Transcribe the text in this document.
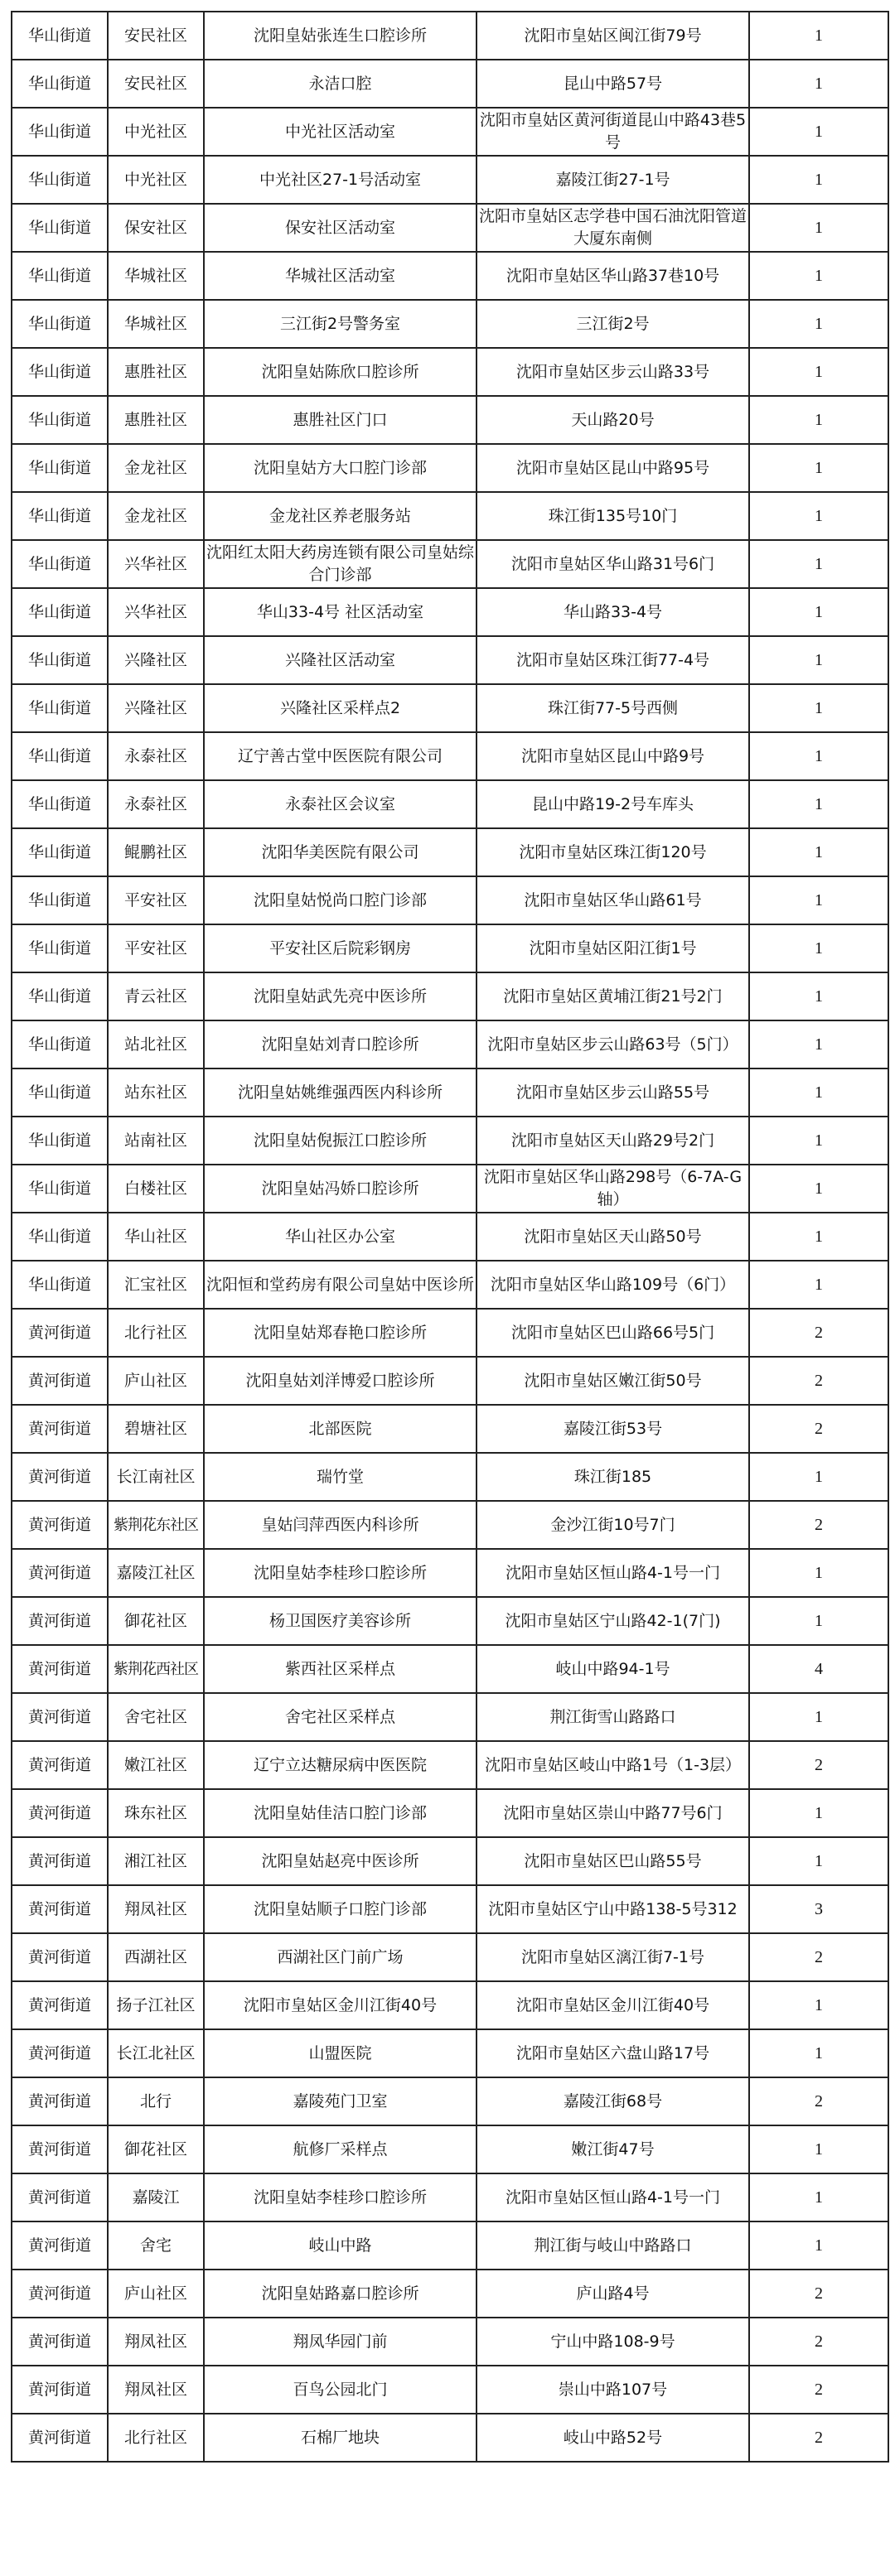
华山街道	安民社区	沈阳皇姑张连生口腔诊所	沈阳市皇姑区闽江街79号	1
华山街道	安民社区	永洁口腔	昆山中路57号	1
华山街道	中光社区	中光社区活动室	沈阳市皇姑区黄河街道昆山中路43巷5号	1
华山街道	中光社区	中光社区27-1号活动室	嘉陵江街27-1号	1
华山街道	保安社区	保安社区活动室	沈阳市皇姑区志学巷中国石油沈阳管道大厦东南侧	1
华山街道	华城社区	华城社区活动室	沈阳市皇姑区华山路37巷10号	1
华山街道	华城社区	三江街2号警务室	三江街2号	1
华山街道	惠胜社区	沈阳皇姑陈欣口腔诊所	沈阳市皇姑区步云山路33号	1
华山街道	惠胜社区	惠胜社区门口	天山路20号	1
华山街道	金龙社区	沈阳皇姑方大口腔门诊部	沈阳市皇姑区昆山中路95号	1
华山街道	金龙社区	金龙社区养老服务站	珠江街135号10门	1
华山街道	兴华社区	沈阳红太阳大药房连锁有限公司皇姑综合门诊部	沈阳市皇姑区华山路31号6门	1
华山街道	兴华社区	华山33-4号 社区活动室	华山路33-4号	1
华山街道	兴隆社区	兴隆社区活动室	沈阳市皇姑区珠江街77-4号	1
华山街道	兴隆社区	兴隆社区采样点2	珠江街77-5号西侧	1
华山街道	永泰社区	辽宁善古堂中医医院有限公司	沈阳市皇姑区昆山中路9号	1
华山街道	永泰社区	永泰社区会议室	昆山中路19-2号车库头	1
华山街道	鲲鹏社区	沈阳华美医院有限公司	沈阳市皇姑区珠江街120号	1
华山街道	平安社区	沈阳皇姑悦尚口腔门诊部	沈阳市皇姑区华山路61号	1
华山街道	平安社区	平安社区后院彩钢房	沈阳市皇姑区阳江街1号	1
华山街道	青云社区	沈阳皇姑武先亮中医诊所	沈阳市皇姑区黄埔江街21号2门	1
华山街道	站北社区	沈阳皇姑刘青口腔诊所	沈阳市皇姑区步云山路63号（5门）	1
华山街道	站东社区	沈阳皇姑姚维强西医内科诊所	沈阳市皇姑区步云山路55号	1
华山街道	站南社区	沈阳皇姑倪振江口腔诊所	沈阳市皇姑区天山路29号2门	1
华山街道	白楼社区	沈阳皇姑冯娇口腔诊所	沈阳市皇姑区华山路298号（6-7A-G轴）	1
华山街道	华山社区	华山社区办公室	沈阳市皇姑区天山路50号	1
华山街道	汇宝社区	沈阳恒和堂药房有限公司皇姑中医诊所	沈阳市皇姑区华山路109号（6门）	1
黄河街道	北行社区	沈阳皇姑郑春艳口腔诊所	沈阳市皇姑区巴山路66号5门	2
黄河街道	庐山社区	沈阳皇姑刘洋博爱口腔诊所	沈阳市皇姑区嫩江街50号	2
黄河街道	碧塘社区	北部医院	嘉陵江街53号	2
黄河街道	长江南社区	瑞竹堂	珠江街185	1
黄河街道	紫荆花东社区	皇姑闫萍西医内科诊所	金沙江街10号7门	2
黄河街道	嘉陵江社区	沈阳皇姑李桂珍口腔诊所	沈阳市皇姑区恒山路4-1号一门	1
黄河街道	御花社区	杨卫国医疗美容诊所	沈阳市皇姑区宁山路42-1(7门)	1
黄河街道	紫荆花西社区	紫西社区采样点	岐山中路94-1号	4
黄河街道	舍宅社区	舍宅社区采样点	荆江街雪山路路口	1
黄河街道	嫩江社区	辽宁立达糖尿病中医医院	沈阳市皇姑区岐山中路1号（1-3层）	2
黄河街道	珠东社区	沈阳皇姑佳洁口腔门诊部	沈阳市皇姑区崇山中路77号6门	1
黄河街道	湘江社区	沈阳皇姑赵亮中医诊所	沈阳市皇姑区巴山路55号	1
黄河街道	翔凤社区	沈阳皇姑顺子口腔门诊部	沈阳市皇姑区宁山中路138-5号312	3
黄河街道	西湖社区	西湖社区门前广场	沈阳市皇姑区漓江街7-1号	2
黄河街道	扬子江社区	沈阳市皇姑区金川江街40号	沈阳市皇姑区金川江街40号	1
黄河街道	长江北社区	山盟医院	沈阳市皇姑区六盘山路17号	1
黄河街道	北行	嘉陵苑门卫室	嘉陵江街68号	2
黄河街道	御花社区	航修厂采样点	嫩江街47号	1
黄河街道	嘉陵江	沈阳皇姑李桂珍口腔诊所	沈阳市皇姑区恒山路4-1号一门	1
黄河街道	舍宅	岐山中路	荆江街与岐山中路路口	1
黄河街道	庐山社区	沈阳皇姑路嘉口腔诊所	庐山路4号	2
黄河街道	翔凤社区	翔凤华园门前	宁山中路108-9号	2
黄河街道	翔凤社区	百鸟公园北门	崇山中路107号	2
黄河街道	北行社区	石棉厂地块	岐山中路52号	2
